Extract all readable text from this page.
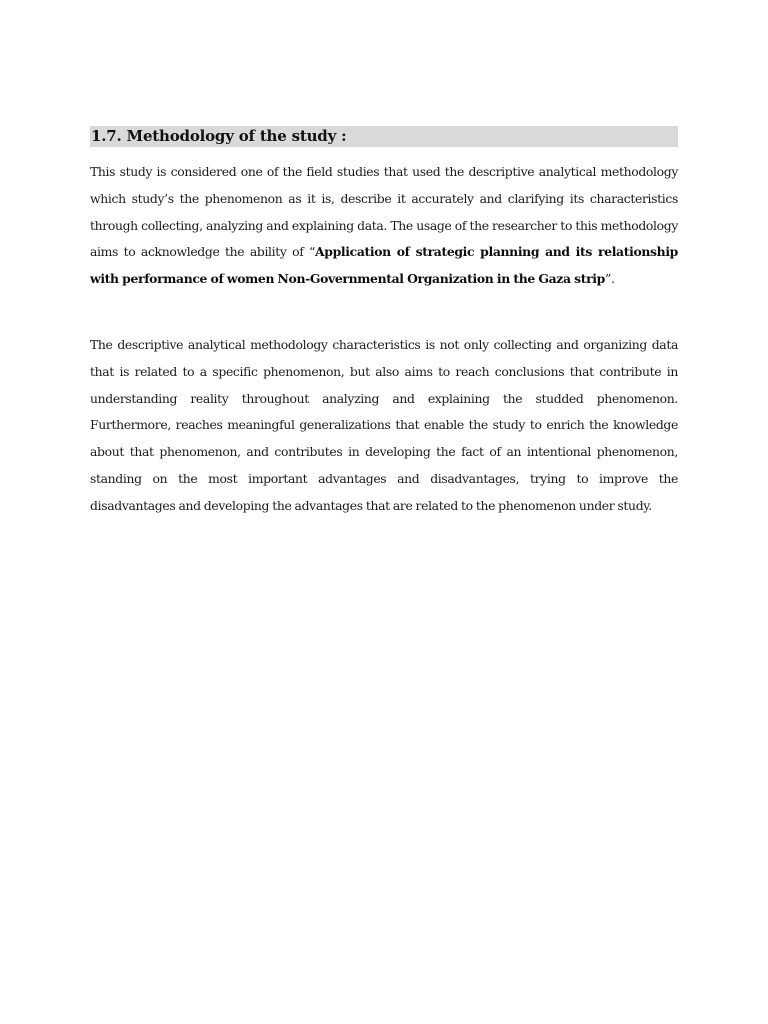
1.7. Methodology of the study :
This study is considered one of the field studies that used the descriptive analytical methodology which study’s the phenomenon as it is, describe it accurately and clarifying its characteristics through collecting, analyzing and explaining data. The usage of the researcher to this methodology aims to acknowledge the ability of “Application of strategic planning and its relationship with performance of women Non-Governmental Organization in the Gaza strip”.
The descriptive analytical methodology characteristics is not only collecting and organizing data that is related to a specific phenomenon, but also aims to reach conclusions that contribute in understanding reality throughout analyzing and explaining the studded phenomenon. Furthermore, reaches meaningful generalizations that enable the study to enrich the knowledge about that phenomenon, and contributes in developing the fact of an intentional phenomenon, standing on the most important advantages and disadvantages, trying to improve the disadvantages and developing the advantages that are related to the phenomenon under study.
